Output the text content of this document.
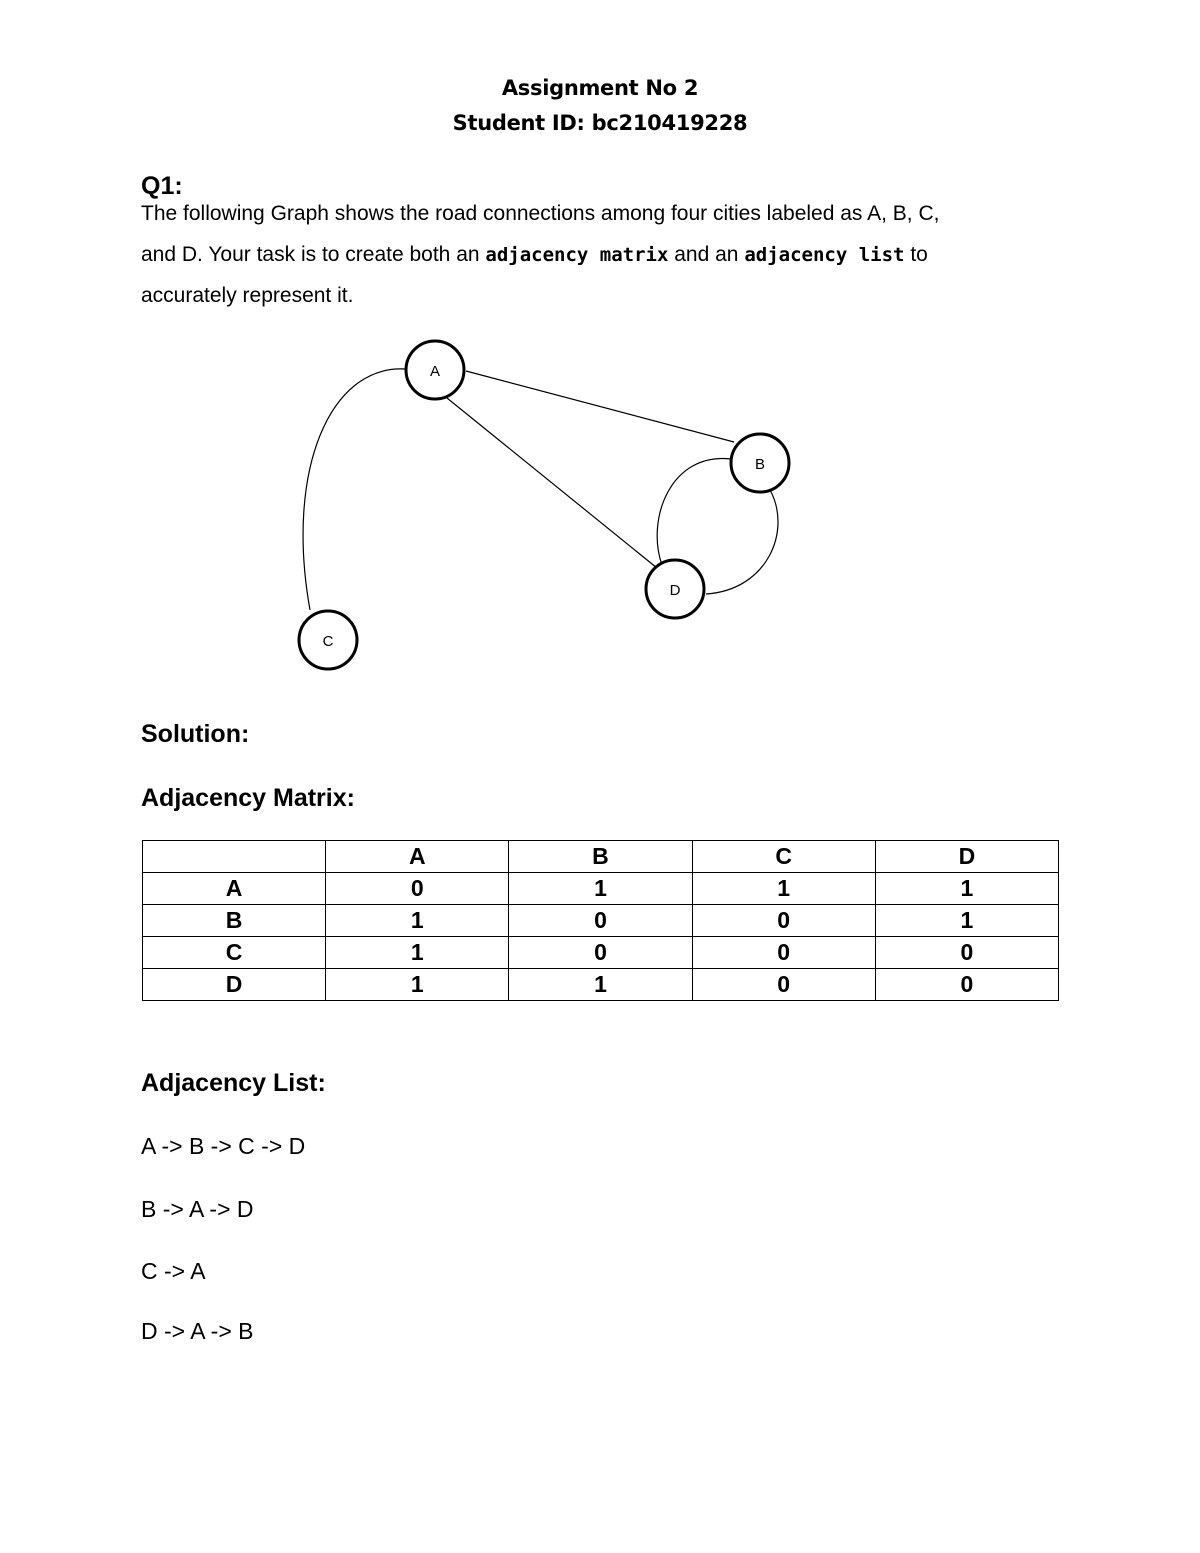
Assignment No 2
Student ID: bc210419228
Q1:
The following Graph shows the road connections among four cities labeled as A, B, C,
and D. Your task is to create both an adjacency matrix and an adjacency list to
accurately represent it.
A
B
C
D
Solution:
Adjacency Matrix:
	A	B	C	D
A	0	1	1	1
B	1	0	0	1
C	1	0	0	0
D	1	1	0	0
Adjacency List:
A -> B -> C -> D
B -> A -> D
C -> A
D -> A -> B
